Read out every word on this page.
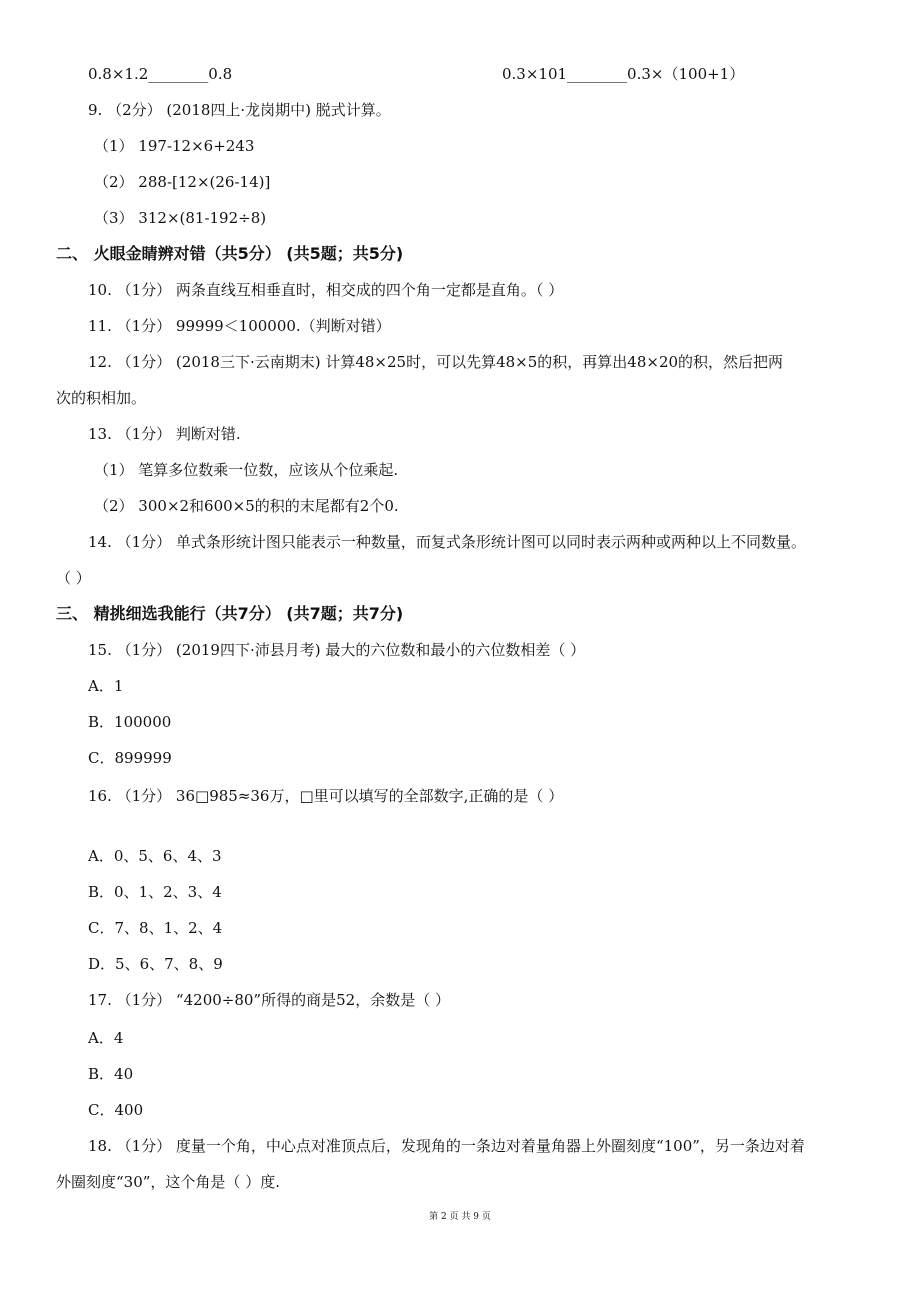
0.8×1.2________0.8	0.3×101________0.3×（100+1）
9. （2分） (2018四上·龙岗期中) 脱式计算。
（1） 197-12×6+243
（2） 288-[12×(26-14)]
（3） 312×(81-192÷8)
二、 火眼金睛辨对错（共5分） (共5题；共5分)
10. （1分） 两条直线互相垂直时，相交成的四个角一定都是直角。（ ）
11. （1分） 99999＜100000.（判断对错）
12. （1分） (2018三下·云南期末) 计算48×25时，可以先算48×5的积，再算出48×20的积，然后把两
次的积相加。
13. （1分） 判断对错.
（1） 笔算多位数乘一位数，应该从个位乘起.
（2） 300×2和600×5的积的末尾都有2个0.
14. （1分） 单式条形统计图只能表示一种数量，而复式条形统计图可以同时表示两种或两种以上不同数量。
（ ）
三、 精挑细选我能行（共7分） (共7题；共7分)
15. （1分） (2019四下·沛县月考) 最大的六位数和最小的六位数相差（ ）
A．1
B．100000
C．899999
16. （1分） 36□985≈36万，□里可以填写的全部数字,正确的是（ ）
A．0、5、6、4、3
B．0、1、2、3、4
C．7、8、1、2、4
D．5、6、7、8、9
17. （1分） “4200÷80”所得的商是52，余数是（ ）
A．4
B．40
C．400
18. （1分） 度量一个角，中心点对准顶点后，发现角的一条边对着量角器上外圈刻度“100”，另一条边对着
外圈刻度“30”，这个角是（ ）度.
第 2 页 共 9 页
